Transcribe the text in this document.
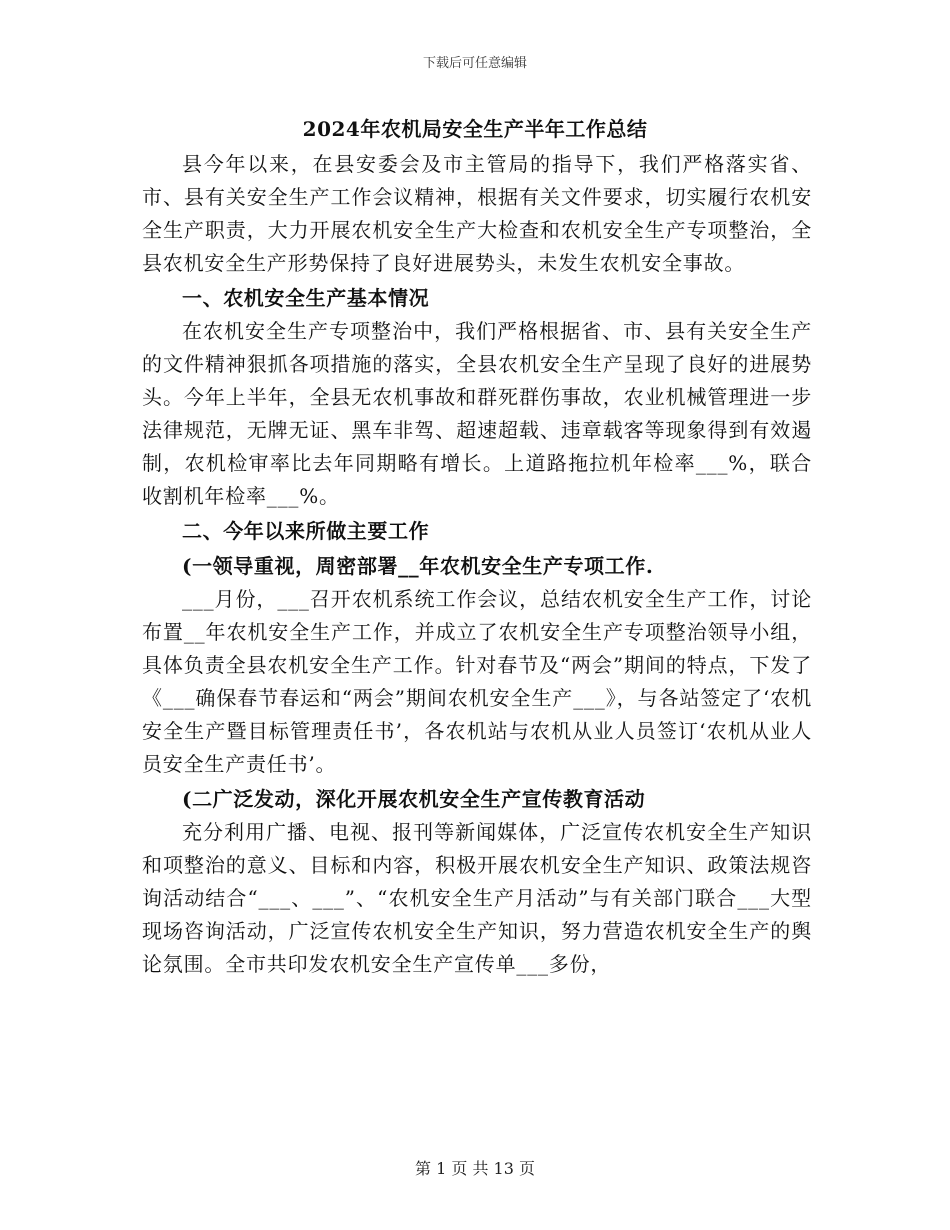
下载后可任意编辑
2024年农机局安全生产半年工作总结

县今年以来，在县安委会及市主管局的指导下，我们严格落实省、市、县有关安全生产工作会议精神，根据有关文件要求，切实履行农机安全生产职责，大力开展农机安全生产大检查和农机安全生产专项整治，全县农机安全生产形势保持了良好进展势头，未发生农机安全事故。

一、农机安全生产基本情况

在农机安全生产专项整治中，我们严格根据省、市、县有关安全生产的文件精神狠抓各项措施的落实，全县农机安全生产呈现了良好的进展势头。今年上半年，全县无农机事故和群死群伤事故，农业机械管理进一步法律规范，无牌无证、黑车非驾、超速超载、违章载客等现象得到有效遏制，农机检审率比去年同期略有增长。上道路拖拉机年检率___%，联合收割机年检率___%。

二、今年以来所做主要工作

(一领导重视，周密部署__年农机安全生产专项工作.

___月份，___召开农机系统工作会议，总结农机安全生产工作，讨论布置__年农机安全生产工作，并成立了农机安全生产专项整治领导小组，具体负责全县农机安全生产工作。针对春节及“两会”期间的特点，下发了《___确保春节春运和“两会”期间农机安全生产___》，与各站签定了‘农机安全生产暨目标管理责任书’，各农机站与农机从业人员签订‘农机从业人员安全生产责任书’。

(二广泛发动，深化开展农机安全生产宣传教育活动

充分利用广播、电视、报刊等新闻媒体，广泛宣传农机安全生产知识和项整治的意义、目标和内容，积极开展农机安全生产知识、政策法规咨询活动结合“___、___”、“农机安全生产月活动”与有关部门联合___大型现场咨询活动，广泛宣传农机安全生产知识，努力营造农机安全生产的舆论氛围。全市共印发农机安全生产宣传单___多份，

第 1 页 共 13 页
